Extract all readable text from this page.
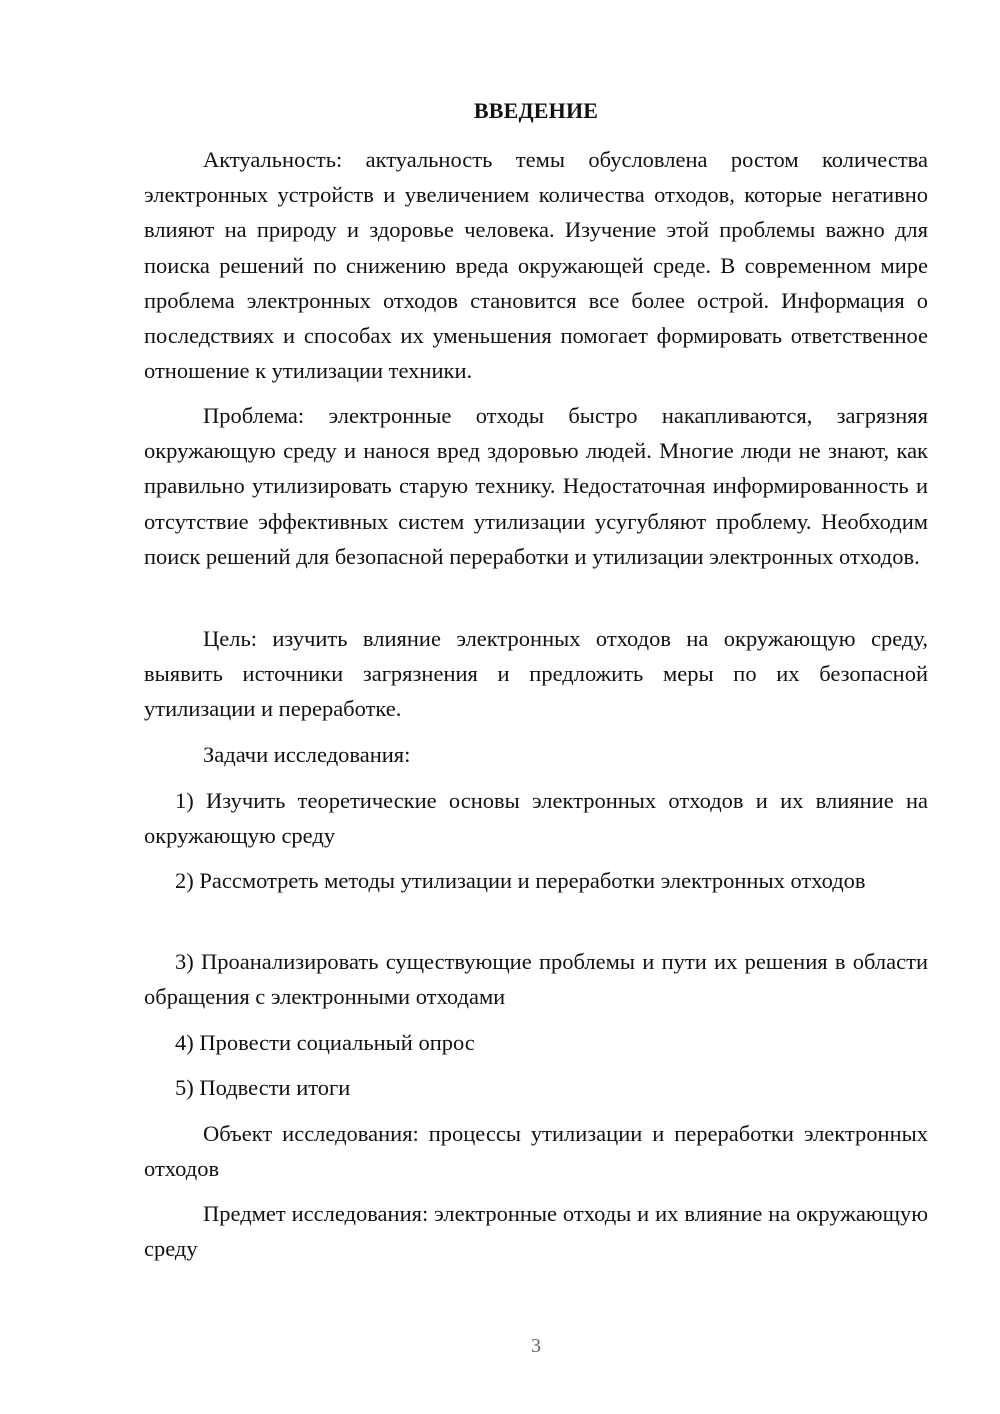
ВВЕДЕНИЕ

Актуальность: актуальность темы обусловлена ростом количества электронных устройств и увеличением количества отходов, которые негативно влияют на природу и здоровье человека. Изучение этой проблемы важно для поиска решений по снижению вреда окружающей среде. В современном мире проблема электронных отходов становится все более острой. Информация о последствиях и способах их уменьшения помогает формировать ответственное отношение к утилизации техники.

Проблема: электронные отходы быстро накапливаются, загрязняя окружающую среду и нанося вред здоровью людей. Многие люди не знают, как правильно утилизировать старую технику. Недостаточная информированность и отсутствие эффективных систем утилизации усугубляют проблему. Необходим поиск решений для безопасной переработки и утилизации электронных отходов.

Цель: изучить влияние электронных отходов на окружающую среду, выявить источники загрязнения и предложить меры по их безопасной утилизации и переработке.

Задачи исследования:

1) Изучить теоретические основы электронных отходов и их влияние на окружающую среду

2) Рассмотреть методы утилизации и переработки электронных отходов

3) Проанализировать существующие проблемы и пути их решения в области обращения с электронными отходами

4) Провести социальный опрос

5) Подвести итоги

Объект исследования: процессы утилизации и переработки электронных отходов

Предмет исследования: электронные отходы и их влияние на окружающую среду

3
